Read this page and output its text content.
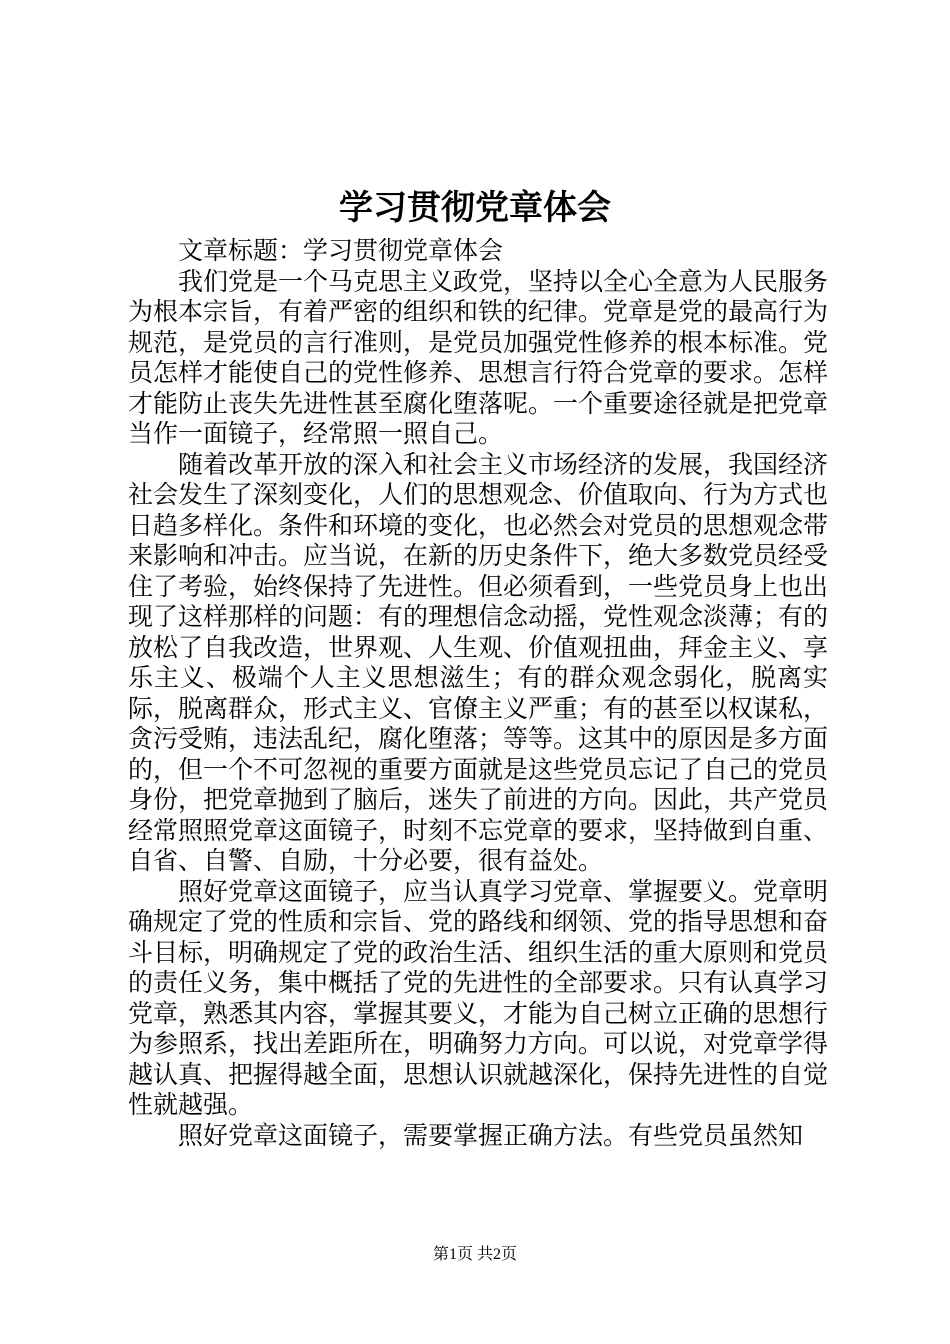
学习贯彻党章体会

文章标题：学习贯彻党章体会

我们党是一个马克思主义政党，坚持以全心全意为人民服务为根本宗旨，有着严密的组织和铁的纪律。党章是党的最高行为规范，是党员的言行准则，是党员加强党性修养的根本标准。党员怎样才能使自己的党性修养、思想言行符合党章的要求。怎样才能防止丧失先进性甚至腐化堕落呢。一个重要途径就是把党章当作一面镜子，经常照一照自己。

随着改革开放的深入和社会主义市场经济的发展，我国经济社会发生了深刻变化，人们的思想观念、价值取向、行为方式也日趋多样化。条件和环境的变化，也必然会对党员的思想观念带来影响和冲击。应当说，在新的历史条件下，绝大多数党员经受住了考验，始终保持了先进性。但必须看到，一些党员身上也出现了这样那样的问题：有的理想信念动摇，党性观念淡薄；有的放松了自我改造，世界观、人生观、价值观扭曲，拜金主义、享乐主义、极端个人主义思想滋生；有的群众观念弱化，脱离实际，脱离群众，形式主义、官僚主义严重；有的甚至以权谋私，贪污受贿，违法乱纪，腐化堕落；等等。这其中的原因是多方面的，但一个不可忽视的重要方面就是这些党员忘记了自己的党员身份，把党章抛到了脑后，迷失了前进的方向。因此，共产党员经常照照党章这面镜子，时刻不忘党章的要求，坚持做到自重、自省、自警、自励，十分必要，很有益处。

照好党章这面镜子，应当认真学习党章、掌握要义。党章明确规定了党的性质和宗旨、党的路线和纲领、党的指导思想和奋斗目标，明确规定了党的政治生活、组织生活的重大原则和党员的责任义务，集中概括了党的先进性的全部要求。只有认真学习党章，熟悉其内容，掌握其要义，才能为自己树立正确的思想行为参照系，找出差距所在，明确努力方向。可以说，对党章学得越认真、把握得越全面，思想认识就越深化，保持先进性的自觉性就越强。

照好党章这面镜子，需要掌握正确方法。有些党员虽然知

第1页 共2页
